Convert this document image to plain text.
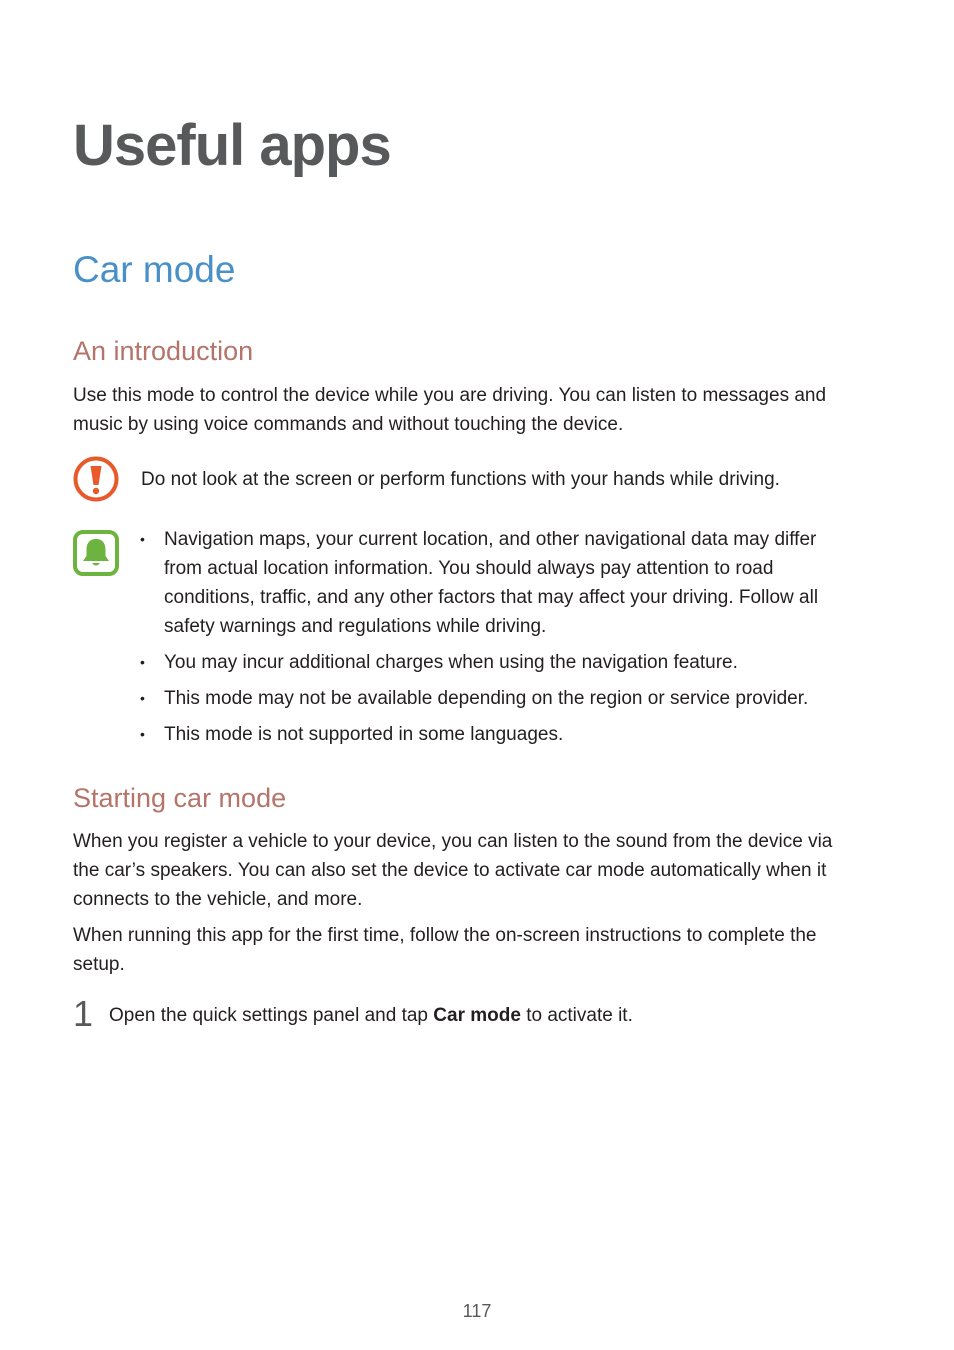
Useful apps
Car mode
An introduction

Use this mode to control the device while you are driving. You can listen to messages and music by using voice commands and without touching the device.

Do not look at the screen or perform functions with your hands while driving.

• Navigation maps, your current location, and other navigational data may differ from actual location information. You should always pay attention to road conditions, traffic, and any other factors that may affect your driving. Follow all safety warnings and regulations while driving.
• You may incur additional charges when using the navigation feature.
• This mode may not be available depending on the region or service provider.
• This mode is not supported in some languages.
Starting car mode

When you register a vehicle to your device, you can listen to the sound from the device via the car’s speakers. You can also set the device to activate car mode automatically when it connects to the vehicle, and more.

When running this app for the first time, follow the on-screen instructions to complete the setup.

1 Open the quick settings panel and tap Car mode to activate it.

117
